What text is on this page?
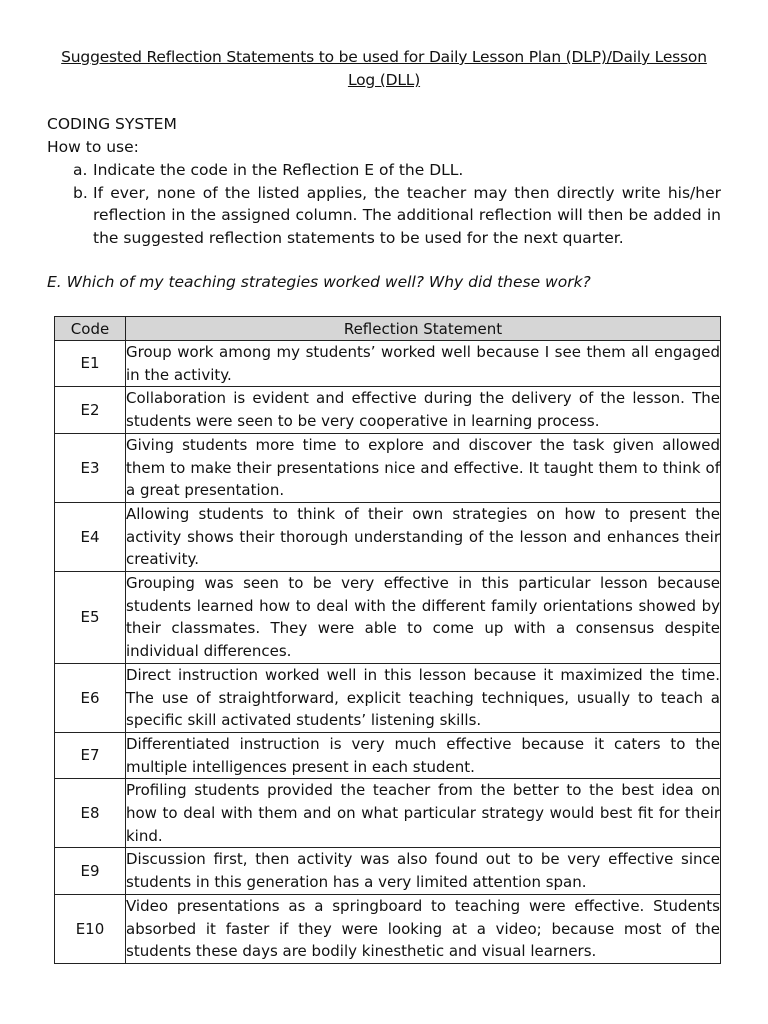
Suggested Reflection Statements to be used for Daily Lesson Plan (DLP)/Daily Lesson Log (DLL)
CODING SYSTEM
How to use:
a. Indicate the code in the Reflection E of the DLL.
b. If ever, none of the listed applies, the teacher may then directly write his/her reflection in the assigned column. The additional reflection will then be added in the suggested reflection statements to be used for the next quarter.
E. Which of my teaching strategies worked well? Why did these work?
Code	Reflection Statement
E1	Group work among my students’ worked well because I see them all engaged in the activity.
E2	Collaboration is evident and effective during the delivery of the lesson. The students were seen to be very cooperative in learning process.
E3	Giving students more time to explore and discover the task given allowed them to make their presentations nice and effective. It taught them to think of a great presentation.
E4	Allowing students to think of their own strategies on how to present the activity shows their thorough understanding of the lesson and enhances their creativity.
E5	Grouping was seen to be very effective in this particular lesson because students learned how to deal with the different family orientations showed by their classmates. They were able to come up with a consensus despite individual differences.
E6	Direct instruction worked well in this lesson because it maximized the time. The use of straightforward, explicit teaching techniques, usually to teach a specific skill activated students’ listening skills.
E7	Differentiated instruction is very much effective because it caters to the multiple intelligences present in each student.
E8	Profiling students provided the teacher from the better to the best idea on how to deal with them and on what particular strategy would best fit for their kind.
E9	Discussion first, then activity was also found out to be very effective since students in this generation has a very limited attention span.
E10	Video presentations as a springboard to teaching were effective. Students absorbed it faster if they were looking at a video; because most of the students these days are bodily kinesthetic and visual learners.
